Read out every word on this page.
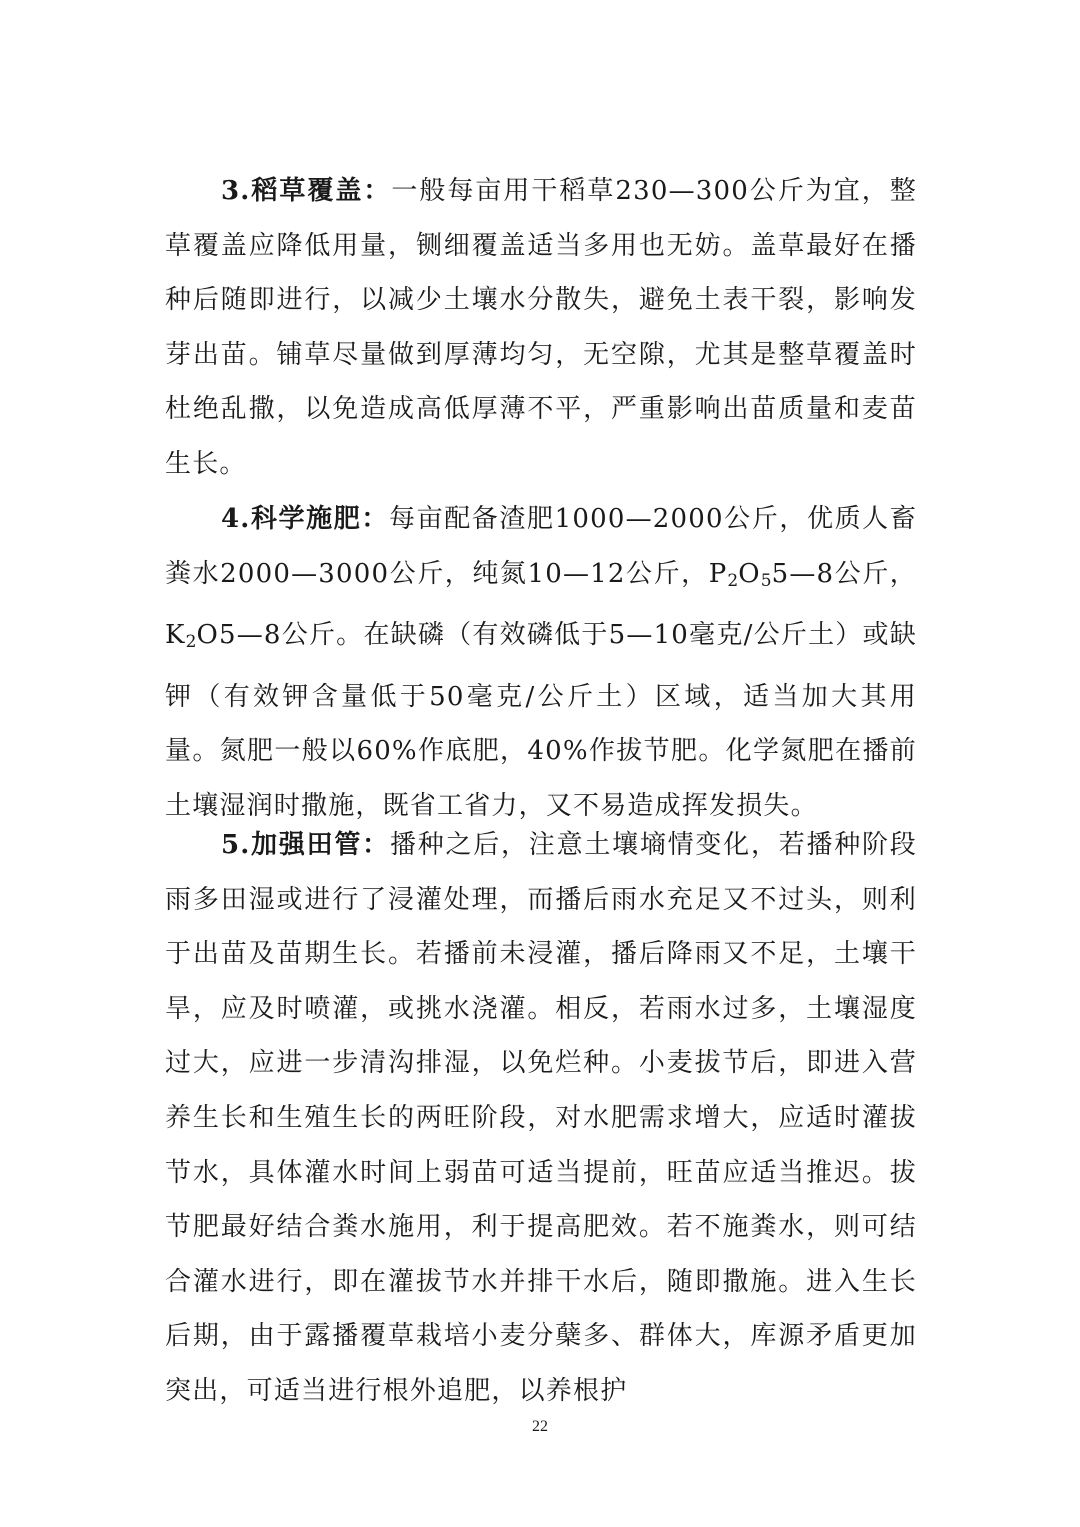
3.稻草覆盖：一般每亩用干稻草230—300公斤为宜，整草覆盖应降低用量，铡细覆盖适当多用也无妨。盖草最好在播种后随即进行，以减少土壤水分散失，避免土表干裂，影响发芽出苗。铺草尽量做到厚薄均匀，无空隙，尤其是整草覆盖时杜绝乱撒，以免造成高低厚薄不平，严重影响出苗质量和麦苗生长。

4.科学施肥：每亩配备渣肥1000—2000公斤，优质人畜粪水2000—3000公斤，纯氮10—12公斤，$P_2O_55—8$公斤，$K_2O5—8$公斤。在缺磷（有效磷低于5—10毫克/公斤土）或缺钾（有效钾含量低于50毫克/公斤土）区域，适当加大其用量。氮肥一般以60%作底肥，40%作拔节肥。化学氮肥在播前土壤湿润时撒施，既省工省力，又不易造成挥发损失。

5.加强田管：播种之后，注意土壤墒情变化，若播种阶段雨多田湿或进行了浸灌处理，而播后雨水充足又不过头，则利于出苗及苗期生长。若播前未浸灌，播后降雨又不足，土壤干旱，应及时喷灌，或挑水浇灌。相反，若雨水过多，土壤湿度过大，应进一步清沟排湿，以免烂种。小麦拔节后，即进入营养生长和生殖生长的两旺阶段，对水肥需求增大，应适时灌拔节水，具体灌水时间上弱苗可适当提前，旺苗应适当推迟。拔节肥最好结合粪水施用，利于提高肥效。若不施粪水，则可结合灌水进行，即在灌拔节水并排干水后，随即撒施。进入生长后期，由于露播覆草栽培小麦分蘖多、群体大，库源矛盾更加突出，可适当进行根外追肥，以养根护

22
